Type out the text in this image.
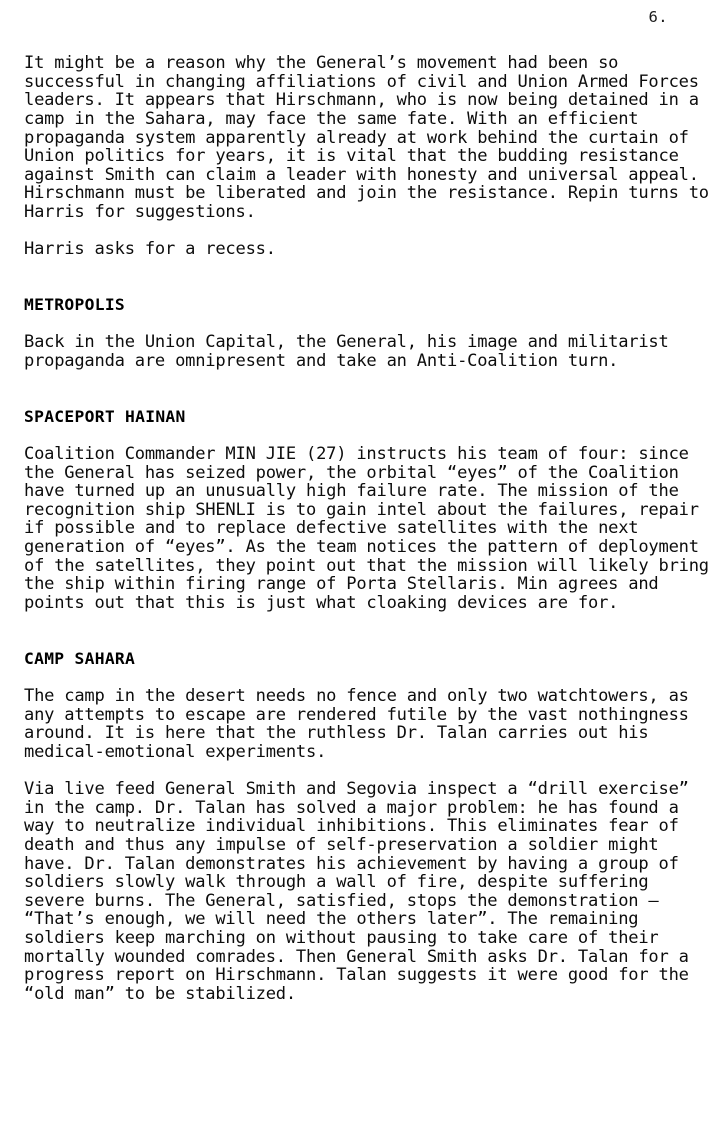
6.

It might be a reason why the General’s movement had been so successful in changing affiliations of civil and Union Armed Forces leaders. It appears that Hirschmann, who is now being detained in a camp in the Sahara, may face the same fate. With an efficient propaganda system apparently already at work behind the curtain of Union politics for years, it is vital that the budding resistance against Smith can claim a leader with honesty and universal appeal. Hirschmann must be liberated and join the resistance. Repin turns to Harris for suggestions.

Harris asks for a recess.

METROPOLIS

Back in the Union Capital, the General, his image and militarist propaganda are omnipresent and take an Anti-Coalition turn.

SPACEPORT HAINAN

Coalition Commander MIN JIE (27) instructs his team of four: since the General has seized power, the orbital “eyes” of the Coalition have turned up an unusually high failure rate. The mission of the recognition ship SHENLI is to gain intel about the failures, repair if possible and to replace defective satellites with the next generation of “eyes”. As the team notices the pattern of deployment of the satellites, they point out that the mission will likely bring the ship within firing range of Porta Stellaris. Min agrees and points out that this is just what cloaking devices are for.

CAMP SAHARA

The camp in the desert needs no fence and only two watchtowers, as any attempts to escape are rendered futile by the vast nothingness around. It is here that the ruthless Dr. Talan carries out his medical-emotional experiments.

Via live feed General Smith and Segovia inspect a “drill exercise” in the camp. Dr. Talan has solved a major problem: he has found a way to neutralize individual inhibitions. This eliminates fear of death and thus any impulse of self-preservation a soldier might have. Dr. Talan demonstrates his achievement by having a group of soldiers slowly walk through a wall of fire, despite suffering severe burns. The General, satisfied, stops the demonstration – “That’s enough, we will need the others later”. The remaining soldiers keep marching on without pausing to take care of their mortally wounded comrades. Then General Smith asks Dr. Talan for a progress report on Hirschmann. Talan suggests it were good for the “old man” to be stabilized.
